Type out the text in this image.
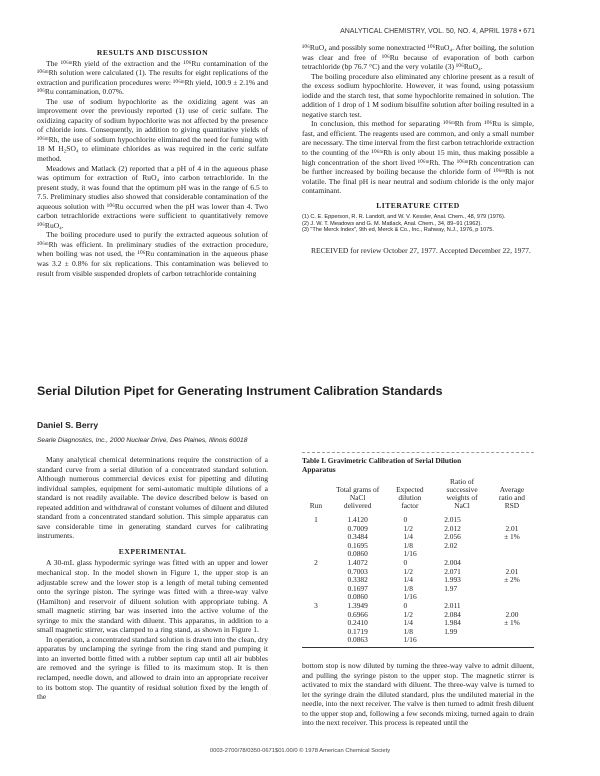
ANALYTICAL CHEMISTRY, VOL. 50, NO. 4, APRIL 1978 • 671
RESULTS AND DISCUSSION

The ¹⁰⁶ᵐRh yield of the extraction and the ¹⁰⁶Ru contamination of the ¹⁰⁶ᵐRh solution were calculated (1). The results for eight replications of the extraction and purification procedures were: ¹⁰⁶ᵐRh yield, 100.9 ± 2.1% and ¹⁰⁶Ru contamination, 0.07%.

The use of sodium hypochlorite as the oxidizing agent was an improvement over the previously reported (1) use of ceric sulfate. The oxidizing capacity of sodium hypochlorite was not affected by the presence of chloride ions. Consequently, in addition to giving quantitative yields of ¹⁰⁶ᵐRh, the use of sodium hypochlorite eliminated the need for fuming with 18 M H₂SO₄ to eliminate chlorides as was required in the ceric sulfate method.

Meadows and Matlack (2) reported that a pH of 4 in the aqueous phase was optimum for extraction of RuO₄ into carbon tetrachloride. In the present study, it was found that the optimum pH was in the range of 6.5 to 7.5. Preliminary studies also showed that considerable contamination of the aqueous solution with ¹⁰⁶Ru occurred when the pH was lower than 4. Two carbon tetrachloride extractions were sufficient to quantitatively remove ¹⁰⁶RuO₄.

The boiling procedure used to purify the extracted aqueous solution of ¹⁰⁶ᵐRh was efficient. In preliminary studies of the extraction procedure, when boiling was not used, the ¹⁰⁶Ru contamination in the aqueous phase was 3.2 ± 0.8% for six replications. This contamination was believed to result from visible suspended droplets of carbon tetrachloride containing

¹⁰⁶RuO₄ and possibly some nonextracted ¹⁰⁶RuO₄. After boiling, the solution was clear and free of ¹⁰⁶Ru because of evaporation of both carbon tetrachloride (bp 76.7 °C) and the very volatile (3) ¹⁰⁶RuO₄.

The boiling procedure also eliminated any chlorine present as a result of the excess sodium hypochlorite. However, it was found, using potassium iodide and the starch test, that some hypochlorite remained in solution. The addition of 1 drop of 1 M sodium bisulfite solution after boiling resulted in a negative starch test.

In conclusion, this method for separating ¹⁰⁶ᵐRh from ¹⁰⁶Ru is simple, fast, and efficient. The reagents used are common, and only a small number are necessary. The time interval from the first carbon tetrachloride extraction to the counting of the ¹⁰⁶ᵐRh is only about 15 min, thus making possible a high concentration of the short lived ¹⁰⁶ᵐRh. The ¹⁰⁶ᵐRh concentration can be further increased by boiling because the chloride form of ¹⁰⁶ᵐRh is not volatile. The final pH is near neutral and sodium chloride is the only major contaminant.

LITERATURE CITED
(1) C. E. Epperson, R. R. Landolt, and W. V. Kessler, Anal. Chem., 48, 979 (1976).
(2) J. W. T. Meadows and G. M. Matlack, Anal. Chem., 34, 89–91 (1962).
(3) "The Merck Index", 9th ed, Merck & Co., Inc., Rahway, N.J., 1976, p 1075.

RECEIVED for review October 27, 1977. Accepted December 22, 1977.

Serial Dilution Pipet for Generating Instrument Calibration Standards
Daniel S. Berry
Searle Diagnostics, Inc., 2000 Nuclear Drive, Des Plaines, Illinois 60018

Many analytical chemical determinations require the construction of a standard curve from a serial dilution of a concentrated standard solution. Although numerous commercial devices exist for pipetting and diluting individual samples, equipment for semi-automatic multiple dilutions of a standard is not readily available. The device described below is based on repeated addition and withdrawal of constant volumes of diluent and diluted standard from a concentrated standard solution. This simple apparatus can save considerable time in generating standard curves for calibrating instruments.

EXPERIMENTAL

A 30-mL glass hypodermic syringe was fitted with an upper and lower mechanical stop. In the model shown in Figure 1, the upper stop is an adjustable screw and the lower stop is a length of metal tubing cemented onto the syringe piston. The syringe was fitted with a three-way valve (Hamilton) and reservoir of diluent solution with appropriate tubing. A small magnetic stirring bar was inserted into the active volume of the syringe to mix the standard with diluent. This apparatus, in addition to a small magnetic stirrer, was clamped to a ring stand, as shown in Figure 1.

In operation, a concentrated standard solution is drawn into the clean, dry apparatus by unclamping the syringe from the ring stand and pumping it into an inverted bottle fitted with a rubber septum cap until all air bubbles are removed and the syringe is filled to its maximum stop. It is then reclamped, needle down, and allowed to drain into an appropriate receiver to its bottom stop. The quantity of residual solution fixed by the length of the

Table I. Gravimetric Calibration of Serial Dilution Apparatus
Run	Total grams of NaCl delivered	Expected dilution factor	Ratio of successive weights of NaCl	Average ratio and RSD
1	1.4120	0	2.015	
	0.7009	1/2	2.012	2.01
	0.3484	1/4	2.056	± 1%
	0.1695	1/8	2.02	
	0.0860	1/16		
2	1.4072	0	2.004	
	0.7003	1/2	2.071	2.01
	0.3382	1/4	1.993	± 2%
	0.1697	1/8	1.97	
	0.0860	1/16		
3	1.3949	0	2.011	
	0.6966	1/2	2.084	2.00
	0.2410	1/4	1.984	± 1%
	0.1719	1/8	1.99	
	0.0863	1/16		

bottom stop is now diluted by turning the three-way valve to admit diluent, and pulling the syringe piston to the upper stop. The magnetic stirrer is activated to mix the standard with diluent. The three-way valve is turned to let the syringe drain the diluted standard, plus the undiluted material in the needle, into the next receiver. The valve is then turned to admit fresh diluent to the upper stop and, following a few seconds mixing, turned again to drain into the next receiver. This process is repeated until the

0003-2700/78/0350-0671$01.00/0 © 1978 American Chemical Society
